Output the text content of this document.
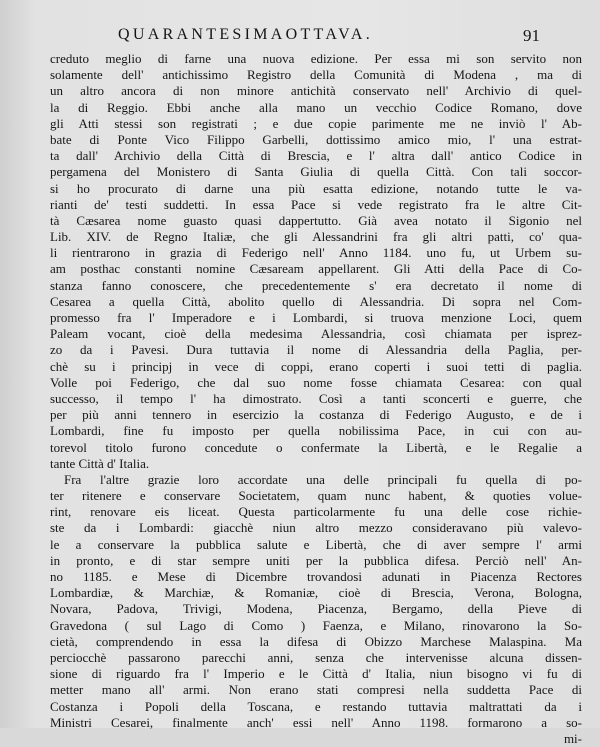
QUARANTESIMAOTTAVA.	91
creduto meglio di farne una nuova edizione. Per essa mi son servito non
solamente dell' antichissimo Registro della Comunità di Modena , ma di
un altro ancora di non minore antichità conservato nell' Archivio di quel-
la di Reggio. Ebbi anche alla mano un vecchio Codice Romano, dove
gli Atti stessi son registrati ; e due copie parimente me ne inviò l' Ab-
bate di Ponte Vico Filippo Garbelli, dottissimo amico mio, l' una estrat-
ta dall' Archivio della Città di Brescia, e l' altra dall' antico Codice in
pergamena del Monistero di Santa Giulia di quella Città. Con tali soccor-
si ho procurato di darne una più esatta edizione, notando tutte le va-
rianti de' testi suddetti. In essa Pace si vede registrato fra le altre Cit-
tà Cæsarea nome guasto quasi dappertutto. Già avea notato il Sigonio nel
Lib. XIV. de Regno Italiæ, che gli Alessandrini fra gli altri patti, co' qua-
li rientrarono in grazia di Federigo nell' Anno 1184. uno fu, ut Urbem su-
am posthac constanti nomine Cæsaream appellarent. Gli Atti della Pace di Co-
stanza fanno conoscere, che precedentemente s' era decretato il nome di
Cesarea a quella Città, abolito quello di Alessandria. Di sopra nel Com-
promesso fra l' Imperadore e i Lombardi, si truova menzione Loci, quem
Paleam vocant, cioè della medesima Alessandria, così chiamata per isprez-
zo da i Pavesi. Dura tuttavia il nome di Alessandria della Paglia, per-
chè su i principj in vece di coppi, erano coperti i suoi tetti di paglia.
Volle poi Federigo, che dal suo nome fosse chiamata Cesarea: con qual
successo, il tempo l' ha dimostrato. Così a tanti sconcerti e guerre, che
per più anni tennero in esercizio la costanza di Federigo Augusto, e de i
Lombardi, fine fu imposto per quella nobilissima Pace, in cui con au-
torevol titolo furono concedute o confermate la Libertà, e le Regalie a
tante Città d' Italia.
Fra l'altre grazie loro accordate una delle principali fu quella di po-
ter ritenere e conservare Societatem, quam nunc habent, & quoties volue-
rint, renovare eis liceat. Questa particolarmente fu una delle cose richie-
ste da i Lombardi: giacchè niun altro mezzo consideravano più valevo-
le a conservare la pubblica salute e Libertà, che di aver sempre l' armi
in pronto, e di star sempre uniti per la pubblica difesa. Perciò nell' An-
no 1185. e Mese di Dicembre trovandosi adunati in Piacenza Rectores
Lombardiæ, & Marchiæ, & Romaniæ, cioè di Brescia, Verona, Bologna,
Novara, Padova, Trivigi, Modena, Piacenza, Bergamo, della Pieve di
Gravedona ( sul Lago di Como ) Faenza, e Milano, rinovarono la So-
cietà, comprendendo in essa la difesa di Obizzo Marchese Malaspina. Ma
perciocchè passarono parecchi anni, senza che intervenisse alcuna dissen-
sione di riguardo fra l' Imperio e le Città d' Italia, niun bisogno vi fu di
metter mano all' armi. Non erano stati compresi nella suddetta Pace di
Costanza i Popoli della Toscana, e restando tuttavia maltrattati da i
Ministri Cesarei, finalmente anch' essi nell' Anno 1198. formarono a so-
mi-
